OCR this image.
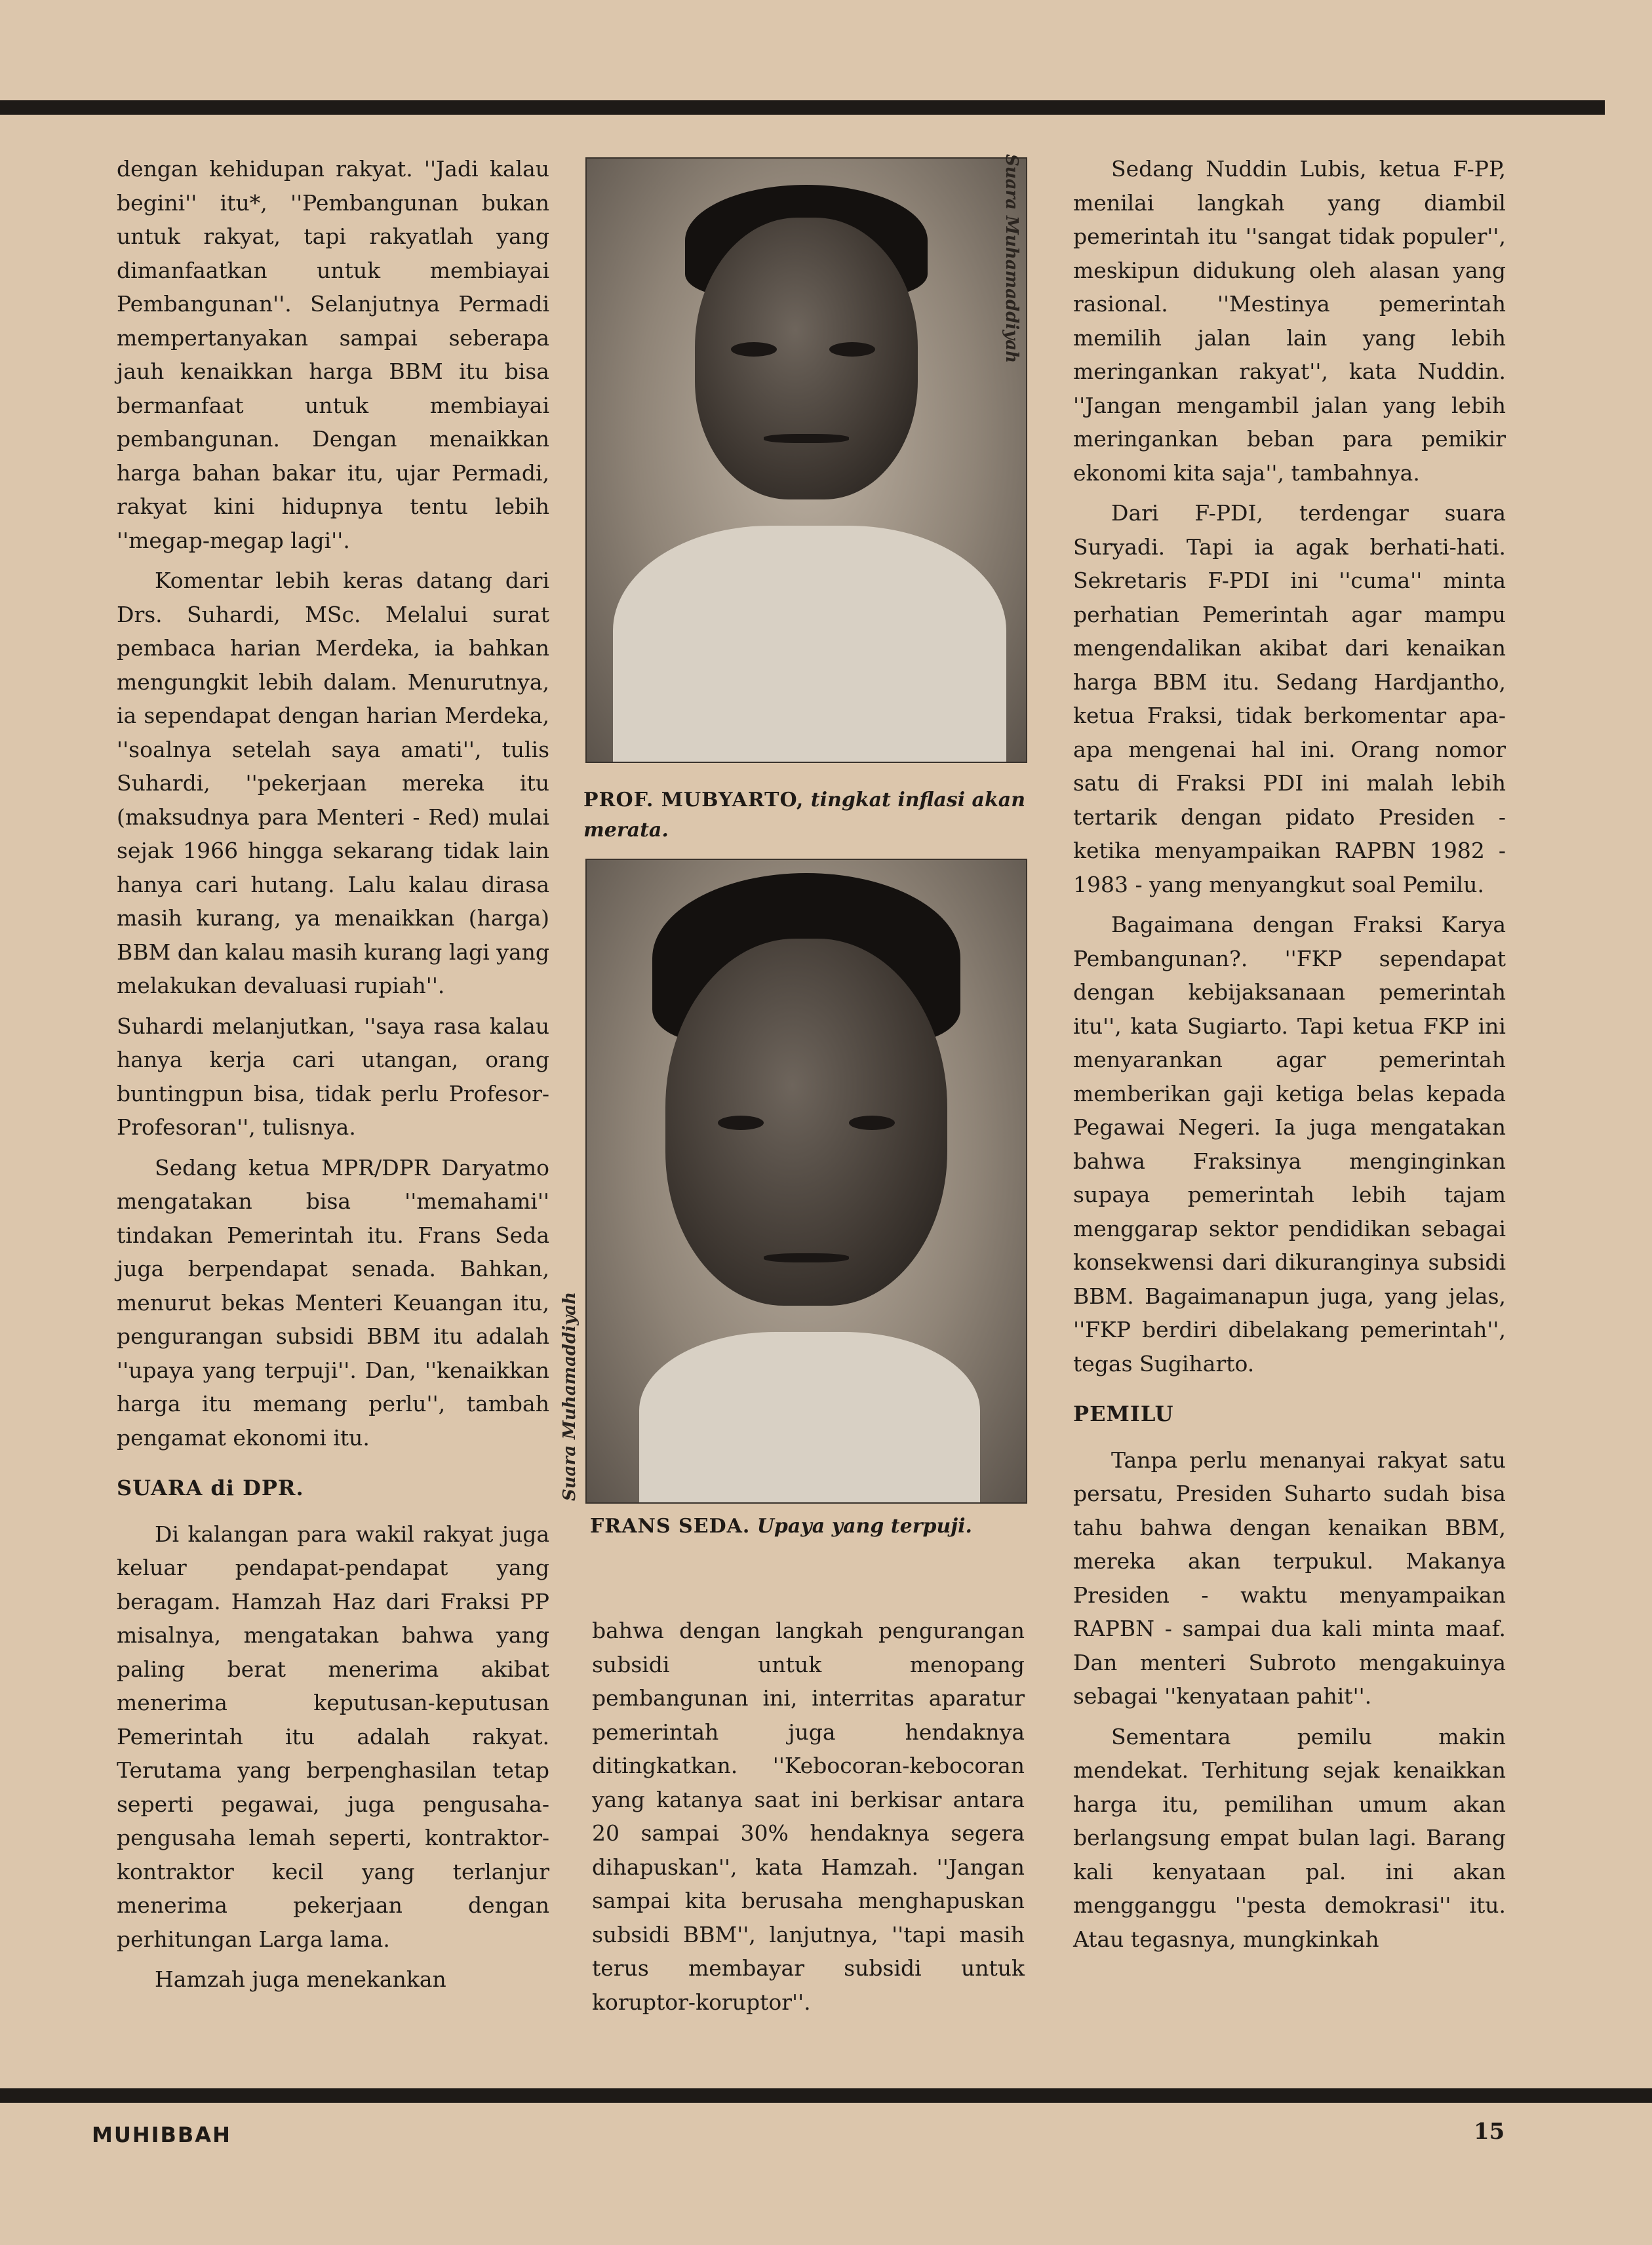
dengan kehidupan rakyat. ''Jadi kalau begini'' itu*, ''Pembangunan bukan untuk rakyat, tapi rakyatlah yang dimanfaatkan untuk membiayai Pembangunan''. Selanjutnya Permadi mempertanyakan sampai seberapa jauh kenaikkan harga BBM itu bisa bermanfaat untuk membiayai pembangunan. Dengan menaikkan harga bahan bakar itu, ujar Permadi, rakyat kini hidupnya tentu lebih ''megap-megap lagi''.

Komentar lebih keras datang dari Drs. Suhardi, MSc. Melalui surat pembaca harian Merdeka, ia bahkan mengungkit lebih dalam. Menurutnya, ia sependapat dengan harian Merdeka, ''soalnya setelah saya amati'', tulis Suhardi, ''pekerjaan mereka itu (maksudnya para Menteri - Red) mulai sejak 1966 hingga sekarang tidak lain hanya cari hutang. Lalu kalau dirasa masih kurang, ya menaikkan (harga) BBM dan kalau masih kurang lagi yang melakukan devaluasi rupiah''.

Suhardi melanjutkan, ''saya rasa kalau hanya kerja cari utangan, orang buntingpun bisa, tidak perlu Profesor-Profesoran'', tulisnya.

Sedang ketua MPR/DPR Daryatmo mengatakan bisa ''memahami'' tindakan Pemerintah itu. Frans Seda juga berpendapat senada. Bahkan, menurut bekas Menteri Keuangan itu, pengurangan subsidi BBM itu adalah ''upaya yang terpuji''. Dan, ''kenaikkan harga itu memang perlu'', tambah pengamat ekonomi itu.

SUARA di DPR.

Di kalangan para wakil rakyat juga keluar pendapat-pendapat yang beragam. Hamzah Haz dari Fraksi PP misalnya, mengatakan bahwa yang paling berat menerima akibat menerima keputusan-keputusan Pemerintah itu adalah rakyat. Terutama yang berpenghasilan tetap seperti pegawai, juga pengusaha-pengusaha lemah seperti, kontraktor-kontraktor kecil yang terlanjur menerima pekerjaan dengan perhitungan Larga lama.

Hamzah juga menekankan

Suara Muhamaddiyah
PROF. MUBYARTO, tingkat inflasi akan merata.
Suara Muhamaddiyah
FRANS SEDA. Upaya yang terpuji.

bahwa dengan langkah pengurangan subsidi untuk menopang pembangunan ini, interritas aparatur pemerintah juga hendaknya ditingkatkan. ''Kebocoran-kebocoran yang katanya saat ini berkisar antara 20 sampai 30% hendaknya segera dihapuskan'', kata Hamzah. ''Jangan sampai kita berusaha menghapuskan subsidi BBM'', lanjutnya, ''tapi masih terus membayar subsidi untuk koruptor-koruptor''.

Sedang Nuddin Lubis, ketua F-PP, menilai langkah yang diambil pemerintah itu ''sangat tidak populer'', meskipun didukung oleh alasan yang rasional. ''Mestinya pemerintah memilih jalan lain yang lebih meringankan rakyat'', kata Nuddin. ''Jangan mengambil jalan yang lebih meringankan beban para pemikir ekonomi kita saja'', tambahnya.

Dari F-PDI, terdengar suara Suryadi. Tapi ia agak berhati-hati. Sekretaris F-PDI ini ''cuma'' minta perhatian Pemerintah agar mampu mengendalikan akibat dari kenaikan harga BBM itu. Sedang Hardjantho, ketua Fraksi, tidak berkomentar apa-apa mengenai hal ini. Orang nomor satu di Fraksi PDI ini malah lebih tertarik dengan pidato Presiden - ketika menyampaikan RAPBN 1982 - 1983 - yang menyangkut soal Pemilu.

Bagaimana dengan Fraksi Karya Pembangunan?. ''FKP sependapat dengan kebijaksanaan pemerintah itu'', kata Sugiarto. Tapi ketua FKP ini menyarankan agar pemerintah memberikan gaji ketiga belas kepada Pegawai Negeri. Ia juga mengatakan bahwa Fraksinya menginginkan supaya pemerintah lebih tajam menggarap sektor pendidikan sebagai konsekwensi dari dikuranginya subsidi BBM. Bagaimanapun juga, yang jelas, ''FKP berdiri dibelakang pemerintah'', tegas Sugiharto.

PEMILU

Tanpa perlu menanyai rakyat satu persatu, Presiden Suharto sudah bisa tahu bahwa dengan kenaikan BBM, mereka akan terpukul. Makanya Presiden - waktu menyampaikan RAPBN - sampai dua kali minta maaf. Dan menteri Subroto mengakuinya sebagai ''kenyataan pahit''.

Sementara pemilu makin mendekat. Terhitung sejak kenaikkan harga itu, pemilihan umum akan berlangsung empat bulan lagi. Barang kali kenyataan pal. ini akan mengganggu ''pesta demokrasi'' itu. Atau tegasnya, mungkinkah

MUHIBBAH	15
